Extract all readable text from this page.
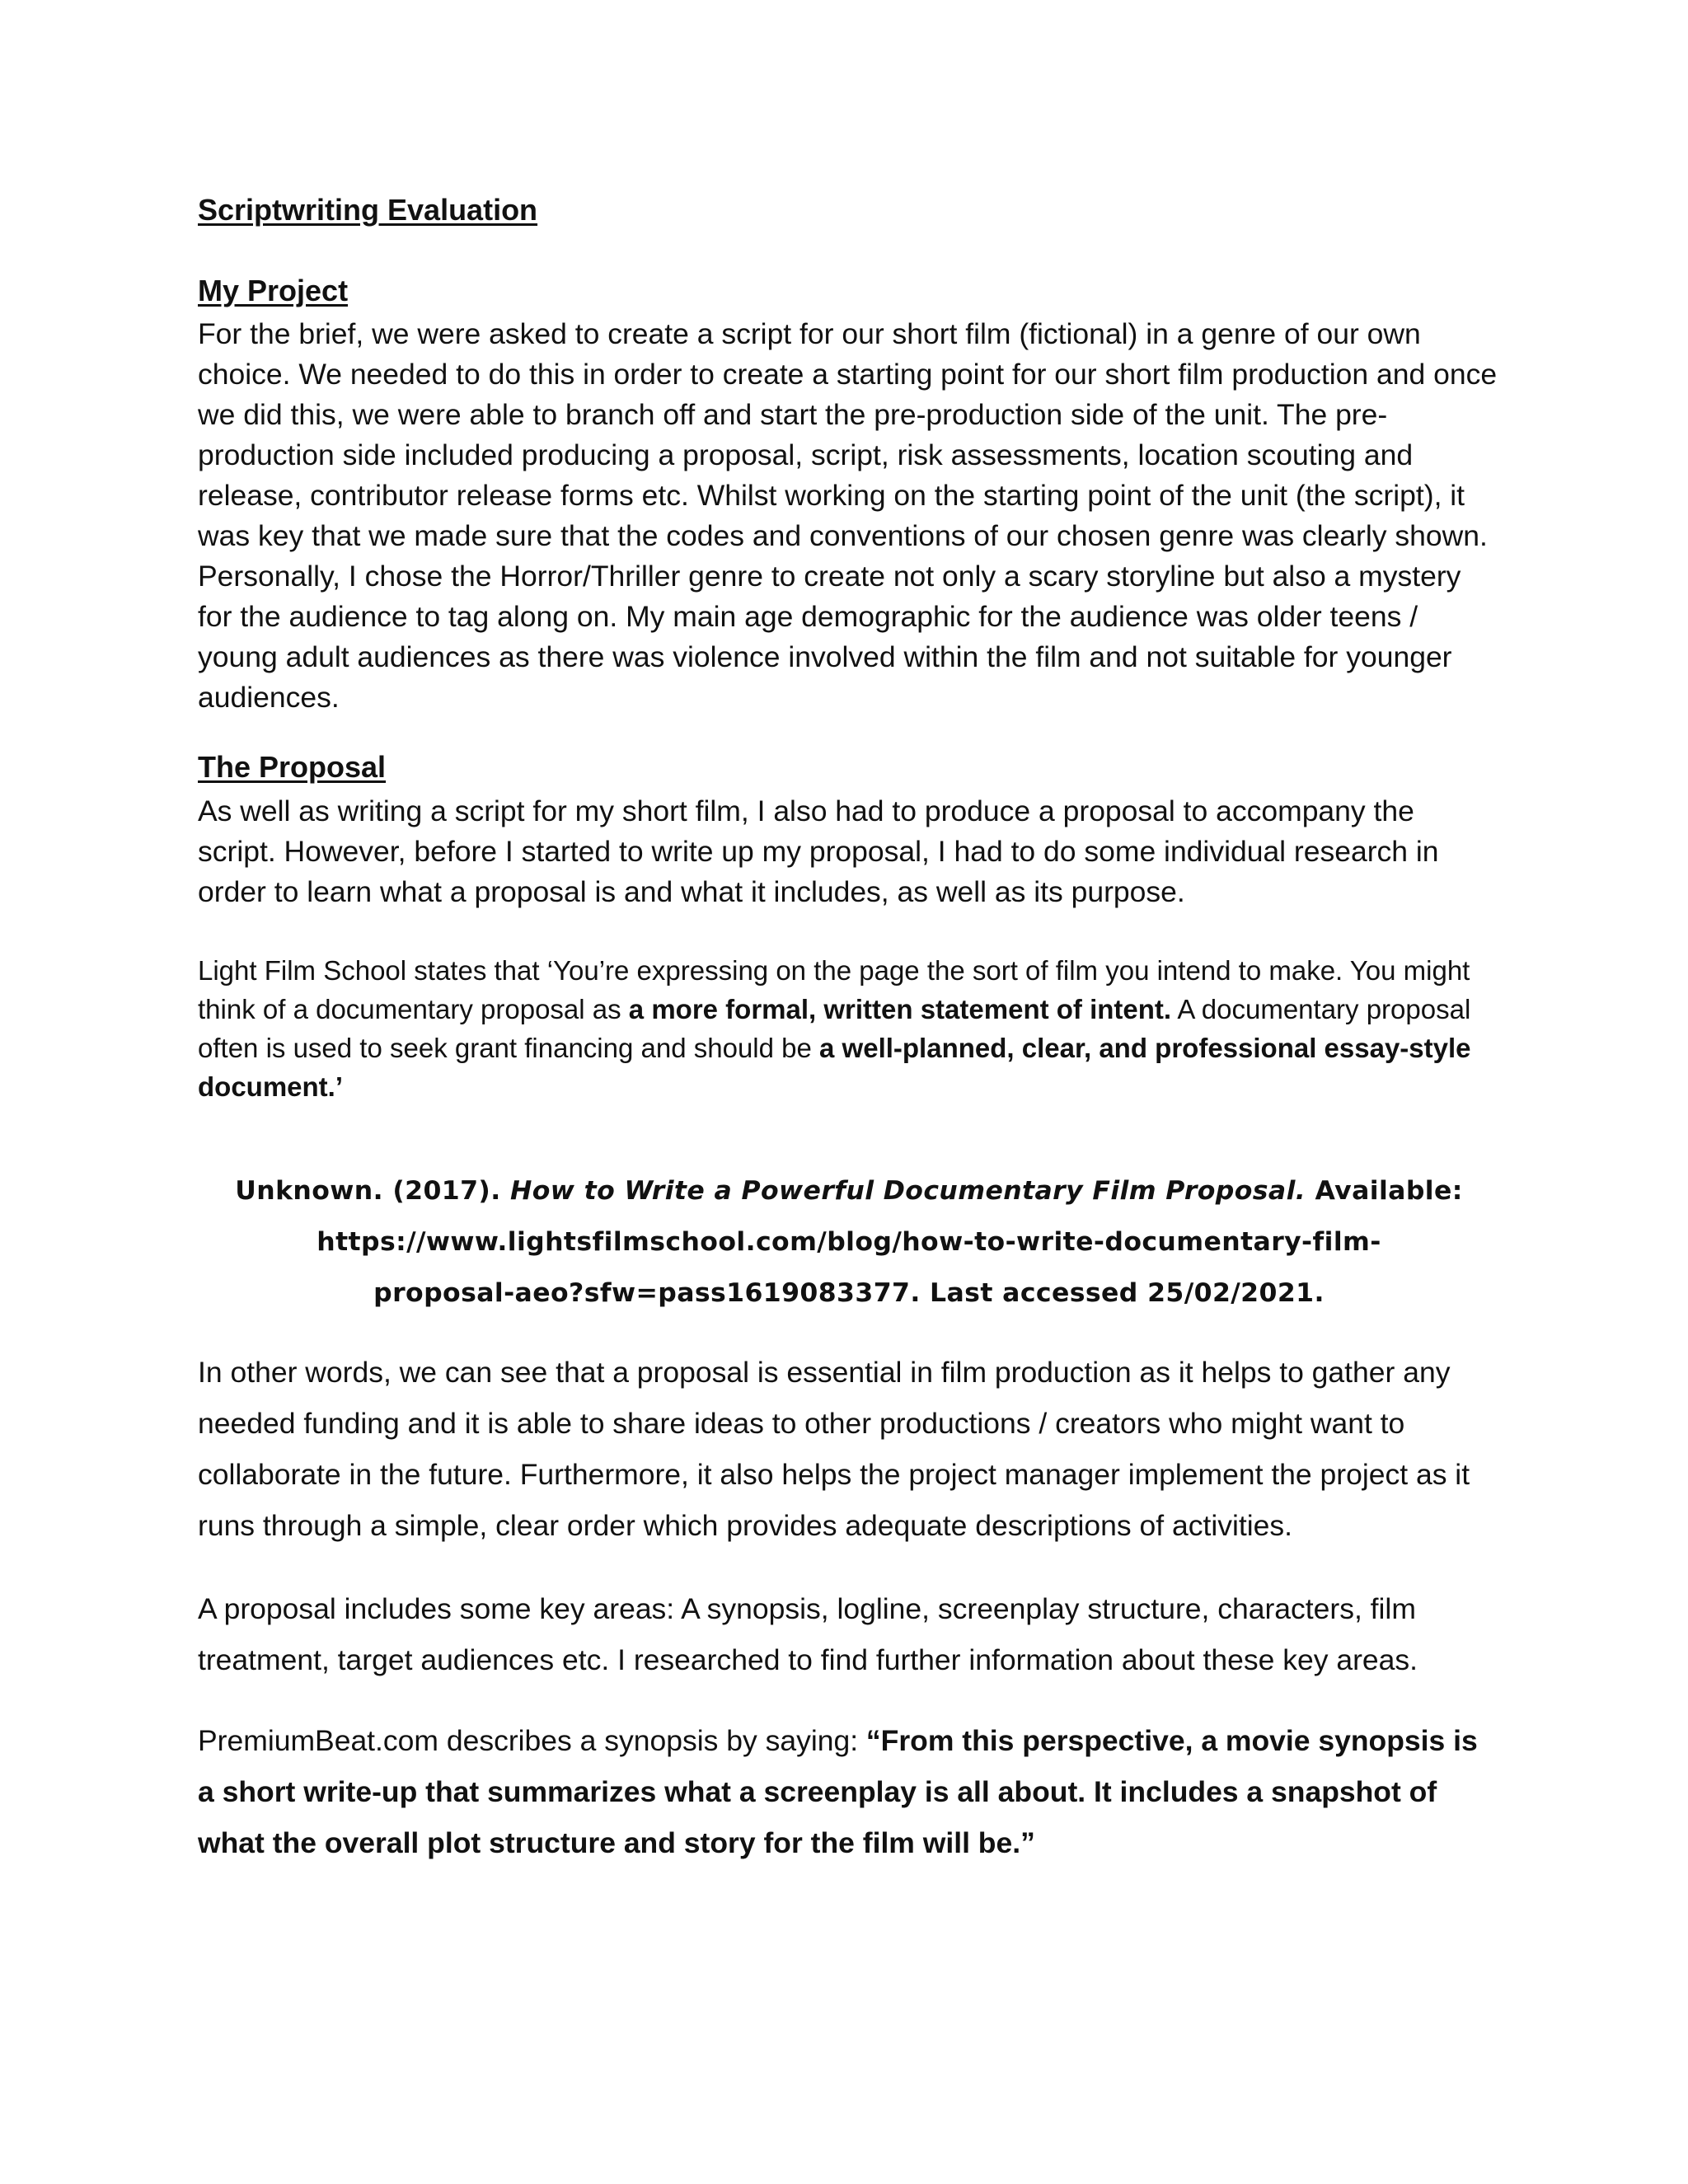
Scriptwriting Evaluation
My Project

For the brief, we were asked to create a script for our short film (fictional) in a genre of our own choice. We needed to do this in order to create a starting point for our short film production and once we did this, we were able to branch off and start the pre-production side of the unit. The pre-production side included producing a proposal, script, risk assessments, location scouting and release, contributor release forms etc. Whilst working on the starting point of the unit (the script), it was key that we made sure that the codes and conventions of our chosen genre was clearly shown. Personally, I chose the Horror/Thriller genre to create not only a scary storyline but also a mystery for the audience to tag along on. My main age demographic for the audience was older teens / young adult audiences as there was violence involved within the film and not suitable for younger audiences.

The Proposal

As well as writing a script for my short film, I also had to produce a proposal to accompany the script. However, before I started to write up my proposal, I had to do some individual research in order to learn what a proposal is and what it includes, as well as its purpose.

Light Film School states that ‘You’re expressing on the page the sort of film you intend to make. You might think of a documentary proposal as a more formal, written statement of intent. A documentary proposal often is used to seek grant financing and should be a well-planned, clear, and professional essay-style document.’

Unknown. (2017). How to Write a Powerful Documentary Film Proposal. Available:
https://www.lightsfilmschool.com/blog/how-to-write-documentary-film-
proposal-aeo?sfw=pass1619083377. Last accessed 25/02/2021.

In other words, we can see that a proposal is essential in film production as it helps to gather any needed funding and it is able to share ideas to other productions / creators who might want to collaborate in the future. Furthermore, it also helps the project manager implement the project as it runs through a simple, clear order which provides adequate descriptions of activities.

A proposal includes some key areas: A synopsis, logline, screenplay structure, characters, film treatment, target audiences etc. I researched to find further information about these key areas.

PremiumBeat.com describes a synopsis by saying: “From this perspective, a movie synopsis is a short write-up that summarizes what a screenplay is all about. It includes a snapshot of what the overall plot structure and story for the film will be.”
